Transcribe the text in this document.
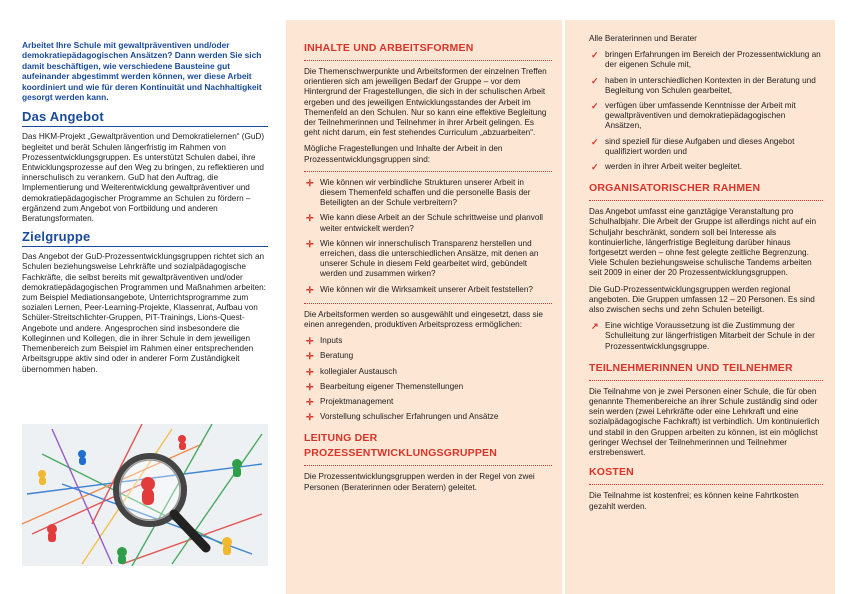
Arbeitet Ihre Schule mit gewaltpräventiven und/oder demokratiepädagogischen Ansätzen? Dann werden Sie sich damit beschäftigen, wie verschiedene Bausteine gut aufeinander abgestimmt werden können, wer diese Arbeit koordiniert und wie für deren Kontinuität und Nachhaltigkeit gesorgt werden kann.

Das Angebot

Das HKM-Projekt „Gewaltprävention und Demokratielernen“ (GuD) begleitet und berät Schulen längerfristig im Rahmen von Prozessentwicklungsgruppen. Es unterstützt Schulen dabei, ihre Entwicklungsprozesse auf den Weg zu bringen, zu reflektieren und innerschulisch zu verankern. GuD hat den Auftrag, die Implementierung und Weiterentwicklung gewaltpräventiver und demokratiepädagogischer Programme an Schulen zu fördern – ergänzend zum Angebot von Fortbildung und anderen Beratungsformaten.

Zielgruppe

Das Angebot der GuD-Prozessentwicklungsgruppen richtet sich an Schulen beziehungsweise Lehrkräfte und sozialpädagogische Fachkräfte, die selbst bereits mit gewaltpräventiven und/oder demokratiepädagogischen Programmen und Maßnahmen arbeiten: zum Beispiel Mediationsangebote, Unterrichtsprogramme zum sozialen Lernen, Peer-Learning-Projekte, Klassenrat, Aufbau von Schüler-Streitschlichter-Gruppen, PiT-Trainings, Lions-Quest-Angebote und andere. Angesprochen sind insbesondere die Kolleginnen und Kollegen, die in ihrer Schule in dem jeweiligen Themenbereich zum Beispiel im Rahmen einer entsprechenden Arbeitsgruppe aktiv sind oder in anderer Form Zuständigkeit übernommen haben.

INHALTE UND ARBEITSFORMEN

Die Themenschwerpunkte und Arbeitsformen der einzelnen Treffen orientieren sich am jeweiligen Bedarf der Gruppe – vor dem Hintergrund der Fragestellungen, die sich in der schulischen Arbeit ergeben und des jeweiligen Entwicklungsstandes der Arbeit im Themenfeld an den Schulen. Nur so kann eine effektive Begleitung der Teilnehmerinnen und Teilnehmer in ihrer Arbeit gelingen. Es geht nicht darum, ein fest stehendes Curriculum „abzuarbeiten“.

Mögliche Fragestellungen und Inhalte der Arbeit in den Prozessentwicklungsgruppen sind:

✛ Wie können wir verbindliche Strukturen unserer Arbeit in diesem Themenfeld schaffen und die personelle Basis der Beteiligten an der Schule verbreitern?
✛ Wie kann diese Arbeit an der Schule schrittweise und planvoll weiter entwickelt werden?
✛ Wie können wir innerschulisch Transparenz herstellen und erreichen, dass die unterschiedlichen Ansätze, mit denen an unserer Schule in diesem Feld gearbeitet wird, gebündelt werden und zusammen wirken?
✛ Wie können wir die Wirksamkeit unserer Arbeit feststellen?

Die Arbeitsformen werden so ausgewählt und eingesetzt, dass sie einen anregenden, produktiven Arbeitsprozess ermöglichen:

✛ Inputs
✛ Beratung
✛ kollegialer Austausch
✛ Bearbeitung eigener Themenstellungen
✛ Projektmanagement
✛ Vorstellung schulischer Erfahrungen und Ansätze
LEITUNG DER
PROZESSENTWICKLUNGSGRUPPEN

Die Prozessentwicklungsgruppen werden in der Regel von zwei Personen (Beraterinnen oder Beratern) geleitet.

Alle Beraterinnen und Berater

✓ bringen Erfahrungen im Bereich der Prozessentwicklung an der eigenen Schule mit,
✓ haben in unterschiedlichen Kontexten in der Beratung und Begleitung von Schulen gearbeitet,
✓ verfügen über umfassende Kenntnisse der Arbeit mit gewaltpräventiven und demokratiepädagogischen Ansätzen,
✓ sind speziell für diese Aufgaben und dieses Angebot qualifiziert worden und
✓ werden in ihrer Arbeit weiter begleitet.
ORGANISATORISCHER RAHMEN

Das Angebot umfasst eine ganztägige Veranstaltung pro Schulhalbjahr. Die Arbeit der Gruppe ist allerdings nicht auf ein Schuljahr beschränkt, sondern soll bei Interesse als kontinuierliche, längerfristige Begleitung darüber hinaus fortgesetzt werden – ohne fest gelegte zeitliche Begrenzung. Viele Schulen beziehungsweise schulische Tandems arbeiten seit 2009 in einer der 20 Prozessentwicklungsgruppen.

Die GuD-Prozessentwicklungsgruppen werden regional angeboten. Die Gruppen umfassen 12 – 20 Personen. Es sind also zwischen sechs und zehn Schulen beteiligt.

↗ Eine wichtige Voraussetzung ist die Zustimmung der Schulleitung zur längerfristigen Mitarbeit der Schule in der Prozessentwicklungsgruppe.
TEILNEHMERINNEN UND TEILNEHMER

Die Teilnahme von je zwei Personen einer Schule, die für oben genannte Themenbereiche an ihrer Schule zuständig sind oder sein werden (zwei Lehrkräfte oder eine Lehrkraft und eine sozialpädagogische Fachkraft) ist verbindlich. Um kontinuierlich und stabil in den Gruppen arbeiten zu können, ist ein möglichst geringer Wechsel der Teilnehmerinnen und Teilnehmer erstrebenswert.

KOSTEN

Die Teilnahme ist kostenfrei; es können keine Fahrtkosten gezahlt werden.
